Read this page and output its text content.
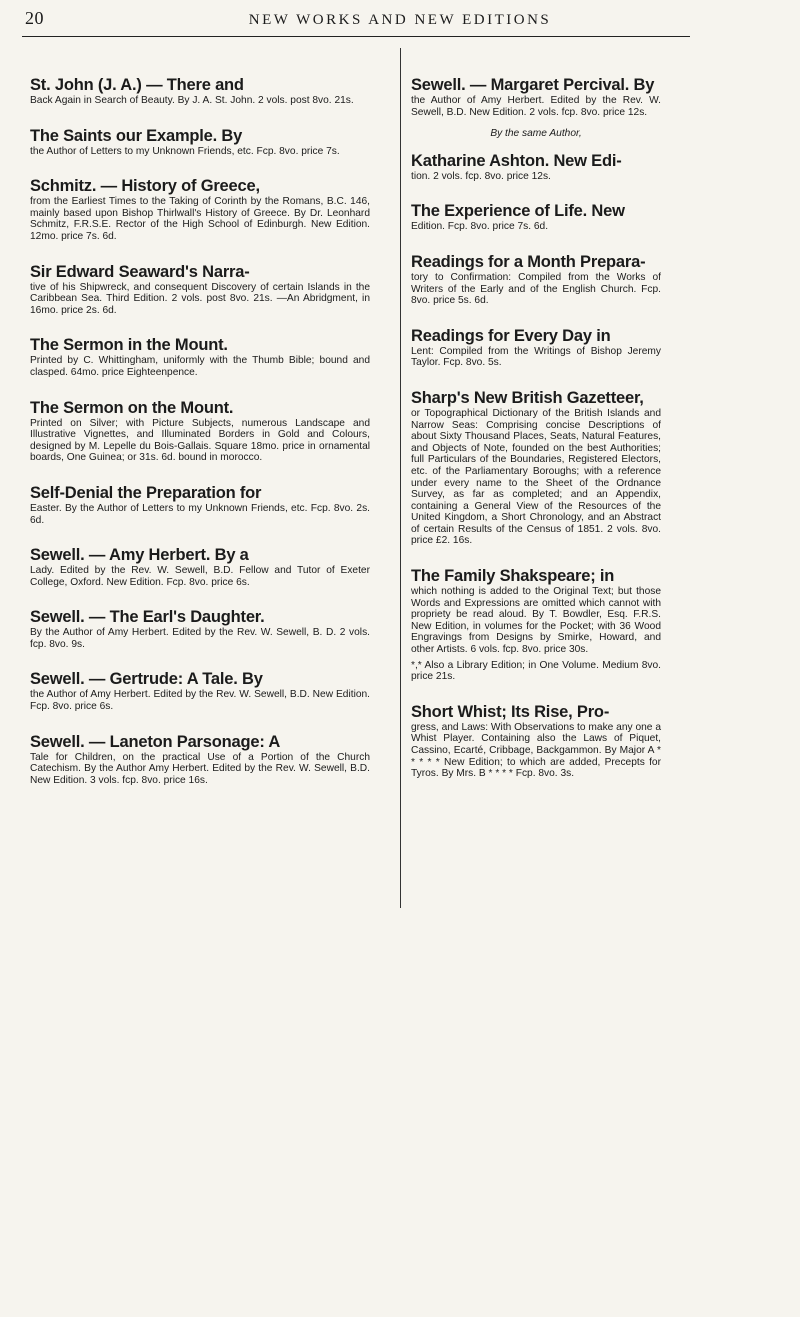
20	NEW WORKS AND NEW EDITIONS
St. John (J. A.) — There and
Back Again in Search of Beauty. By J. A. St. John. 2 vols. post 8vo. 21s.
The Saints our Example. By
the Author of Letters to my Unknown Friends, etc. Fcp. 8vo. price 7s.
Schmitz. — History of Greece,
from the Earliest Times to the Taking of Corinth by the Romans, B.C. 146, mainly based upon Bishop Thirlwall's History of Greece. By Dr. Leonhard Schmitz, F.R.S.E. Rector of the High School of Edinburgh. New Edition. 12mo. price 7s. 6d.
Sir Edward Seaward's Narra-
tive of his Shipwreck, and consequent Discovery of certain Islands in the Caribbean Sea. Third Edition. 2 vols. post 8vo. 21s. —An Abridgment, in 16mo. price 2s. 6d.
The Sermon in the Mount.
Printed by C. Whittingham, uniformly with the Thumb Bible; bound and clasped. 64mo. price Eighteenpence.
The Sermon on the Mount.
Printed on Silver; with Picture Subjects, numerous Landscape and Illustrative Vignettes, and Illuminated Borders in Gold and Colours, designed by M. Lepelle du Bois-Gallais. Square 18mo. price in ornamental boards, One Guinea; or 31s. 6d. bound in morocco.
Self-Denial the Preparation for
Easter. By the Author of Letters to my Unknown Friends, etc. Fcp. 8vo. 2s. 6d.
Sewell. — Amy Herbert. By a
Lady. Edited by the Rev. W. Sewell, B.D. Fellow and Tutor of Exeter College, Oxford. New Edition. Fcp. 8vo. price 6s.
Sewell. — The Earl's Daughter.
By the Author of Amy Herbert. Edited by the Rev. W. Sewell, B. D. 2 vols. fcp. 8vo. 9s.
Sewell. — Gertrude: A Tale. By
the Author of Amy Herbert. Edited by the Rev. W. Sewell, B.D. New Edition. Fcp. 8vo. price 6s.
Sewell. — Laneton Parsonage: A
Tale for Children, on the practical Use of a Portion of the Church Catechism. By the Author Amy Herbert. Edited by the Rev. W. Sewell, B.D. New Edition. 3 vols. fcp. 8vo. price 16s.
Sewell. — Margaret Percival. By
the Author of Amy Herbert. Edited by the Rev. W. Sewell, B.D. New Edition. 2 vols. fcp. 8vo. price 12s.
By the same Author,
Katharine Ashton. New Edi-
tion. 2 vols. fcp. 8vo. price 12s.
The Experience of Life. New
Edition. Fcp. 8vo. price 7s. 6d.
Readings for a Month Prepara-
tory to Confirmation: Compiled from the Works of Writers of the Early and of the English Church. Fcp. 8vo. price 5s. 6d.
Readings for Every Day in
Lent: Compiled from the Writings of Bishop Jeremy Taylor. Fcp. 8vo. 5s.
Sharp's New British Gazetteer,
or Topographical Dictionary of the British Islands and Narrow Seas: Comprising concise Descriptions of about Sixty Thousand Places, Seats, Natural Features, and Objects of Note, founded on the best Authorities; full Particulars of the Boundaries, Registered Electors, etc. of the Parliamentary Boroughs; with a reference under every name to the Sheet of the Ordnance Survey, as far as completed; and an Appendix, containing a General View of the Resources of the United Kingdom, a Short Chronology, and an Abstract of certain Results of the Census of 1851. 2 vols. 8vo. price £2. 16s.
The Family Shakspeare; in
which nothing is added to the Original Text; but those Words and Expressions are omitted which cannot with propriety be read aloud. By T. Bowdler, Esq. F.R.S. New Edition, in volumes for the Pocket; with 36 Wood Engravings from Designs by Smirke, Howard, and other Artists. 6 vols. fcp. 8vo. price 30s.
*,* Also a Library Edition; in One Volume. Medium 8vo. price 21s.
Short Whist; Its Rise, Pro-
gress, and Laws: With Observations to make any one a Whist Player. Containing also the Laws of Piquet, Cassino, Ecarté, Cribbage, Backgammon. By Major A * * * * * New Edition; to which are added, Precepts for Tyros. By Mrs. B * * * * Fcp. 8vo. 3s.
